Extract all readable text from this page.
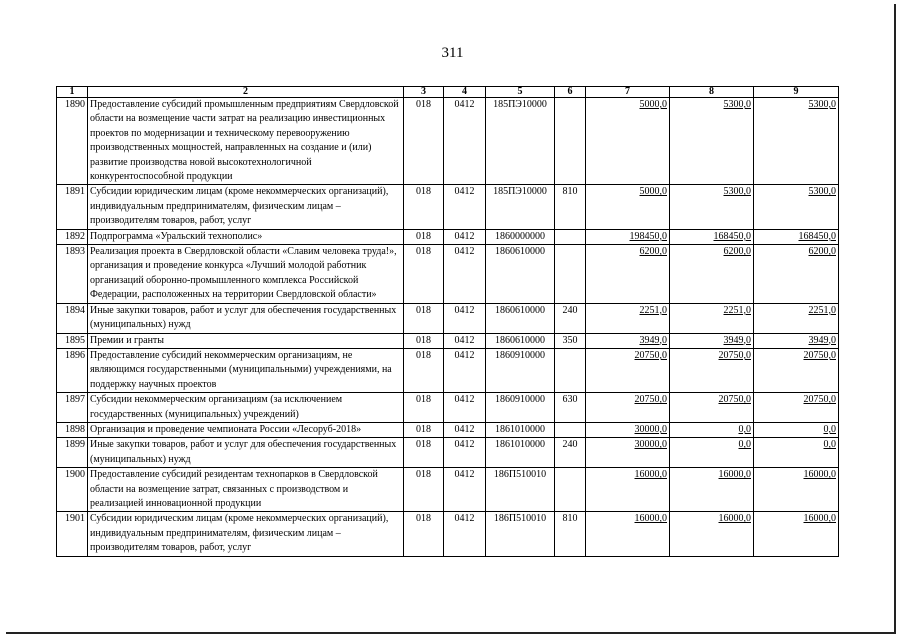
311
1	2	3	4	5	6	7	8	9
1890	Предоставление субсидий промышленным предприятиям Свердловской области на возмещение части затрат на реализацию инвестиционных проектов по модернизации и техническому перевооружению производственных мощностей, направленных на создание и (или) развитие производства новой высокотехнологичной конкурентоспособной продукции	018	0412	185ПЭ10000		5000,0	5300,0	5300,0
1891	Субсидии юридическим лицам (кроме некоммерческих организаций), индивидуальным предпринимателям, физическим лицам – производителям товаров, работ, услуг	018	0412	185ПЭ10000	810	5000,0	5300,0	5300,0
1892	Подпрограмма «Уральский технополис»	018	0412	1860000000		198450,0	168450,0	168450,0
1893	Реализация проекта в Свердловской области «Славим человека труда!», организация и проведение конкурса «Лучший молодой работник организаций оборонно-промышленного комплекса Российской Федерации, расположенных на территории Свердловской области»	018	0412	1860610000		6200,0	6200,0	6200,0
1894	Иные закупки товаров, работ и услуг для обеспечения государственных (муниципальных) нужд	018	0412	1860610000	240	2251,0	2251,0	2251,0
1895	Премии и гранты	018	0412	1860610000	350	3949,0	3949,0	3949,0
1896	Предоставление субсидий некоммерческим организациям, не являющимся государственными (муниципальными) учреждениями, на поддержку научных проектов	018	0412	1860910000		20750,0	20750,0	20750,0
1897	Субсидии некоммерческим организациям (за исключением государственных (муниципальных) учреждений)	018	0412	1860910000	630	20750,0	20750,0	20750,0
1898	Организация и проведение чемпионата России «Лесоруб-2018»	018	0412	1861010000		30000,0	0,0	0,0
1899	Иные закупки товаров, работ и услуг для обеспечения государственных (муниципальных) нужд	018	0412	1861010000	240	30000,0	0,0	0,0
1900	Предоставление субсидий резидентам технопарков в Свердловской области на возмещение затрат, связанных с производством и реализацией инновационной продукции	018	0412	186П510010		16000,0	16000,0	16000,0
1901	Субсидии юридическим лицам (кроме некоммерческих организаций), индивидуальным предпринимателям, физическим лицам – производителям товаров, работ, услуг	018	0412	186П510010	810	16000,0	16000,0	16000,0
